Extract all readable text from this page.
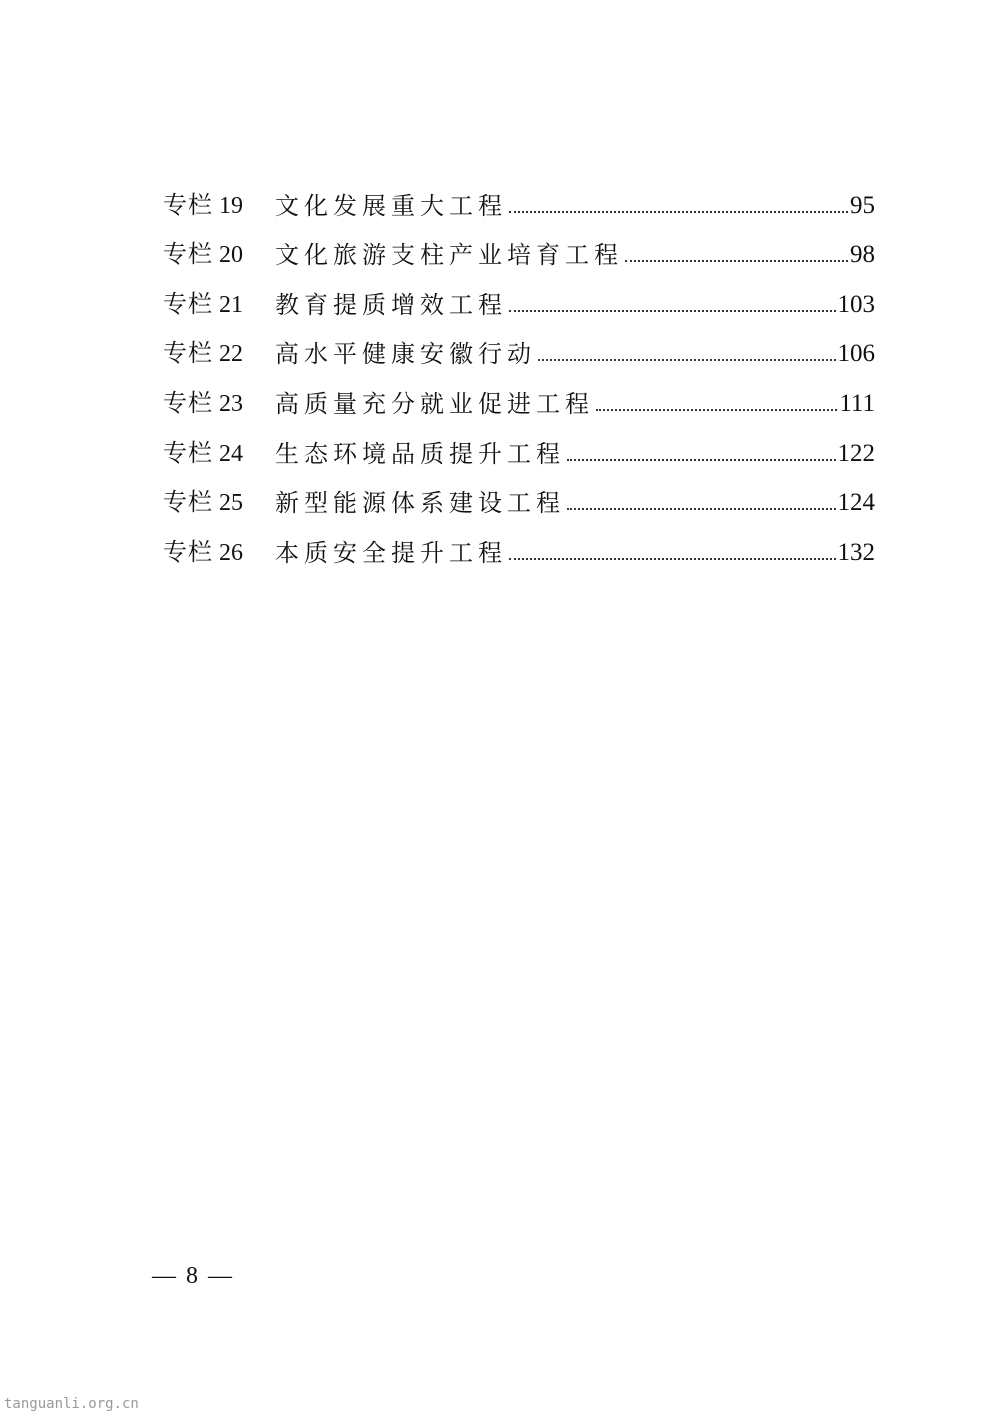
专栏 19	文化发展重大工程	95
专栏 20	文化旅游支柱产业培育工程	98
专栏 21	教育提质增效工程	103
专栏 22	高水平健康安徽行动	106
专栏 23	高质量充分就业促进工程	111
专栏 24	生态环境品质提升工程	122
专栏 25	新型能源体系建设工程	124
专栏 26	本质安全提升工程	132
— 8 —
tanguanli.org.cn
